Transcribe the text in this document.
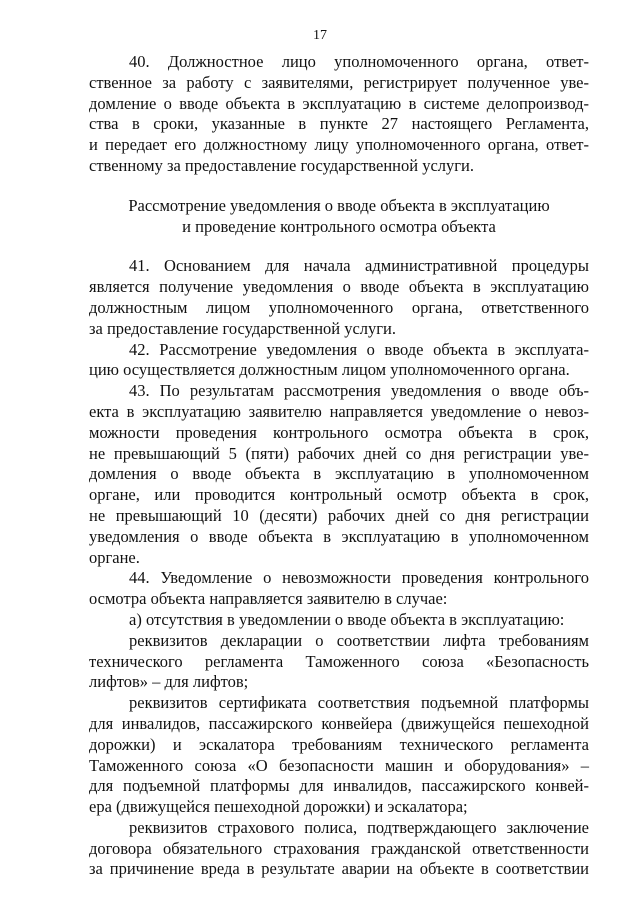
17
40. Должностное лицо уполномоченного органа, ответ-
ственное за работу с заявителями, регистрирует полученное уве-
домление о вводе объекта в эксплуатацию в системе делопроизвод-
ства в сроки, указанные в пункте 27 настоящего Регламента,
и передает его должностному лицу уполномоченного органа, ответ-
ственному за предоставление государственной услуги.
Рассмотрение уведомления о вводе объекта в эксплуатацию
и проведение контрольного осмотра объекта
41. Основанием для начала административной процедуры
является получение уведомления о вводе объекта в эксплуатацию
должностным лицом уполномоченного органа, ответственного
за предоставление государственной услуги.
42. Рассмотрение уведомления о вводе объекта в эксплуата-
цию осуществляется должностным лицом уполномоченного органа.
43. По результатам рассмотрения уведомления о вводе объ-
екта в эксплуатацию заявителю направляется уведомление о невоз-
можности проведения контрольного осмотра объекта в срок,
не превышающий 5 (пяти) рабочих дней со дня регистрации уве-
домления о вводе объекта в эксплуатацию в уполномоченном
органе, или проводится контрольный осмотр объекта в срок,
не превышающий 10 (десяти) рабочих дней со дня регистрации
уведомления о вводе объекта в эксплуатацию в уполномоченном
органе.
44. Уведомление о невозможности проведения контрольного
осмотра объекта направляется заявителю в случае:
а) отсутствия в уведомлении о вводе объекта в эксплуатацию:
реквизитов декларации о соответствии лифта требованиям
технического регламента Таможенного союза «Безопасность
лифтов» – для лифтов;
реквизитов сертификата соответствия подъемной платформы
для инвалидов, пассажирского конвейера (движущейся пешеходной
дорожки) и эскалатора требованиям технического регламента
Таможенного союза «О безопасности машин и оборудования» –
для подъемной платформы для инвалидов, пассажирского конвей-
ера (движущейся пешеходной дорожки) и эскалатора;
реквизитов страхового полиса, подтверждающего заключение
договора обязательного страхования гражданской ответственности
за причинение вреда в результате аварии на объекте в соответствии
